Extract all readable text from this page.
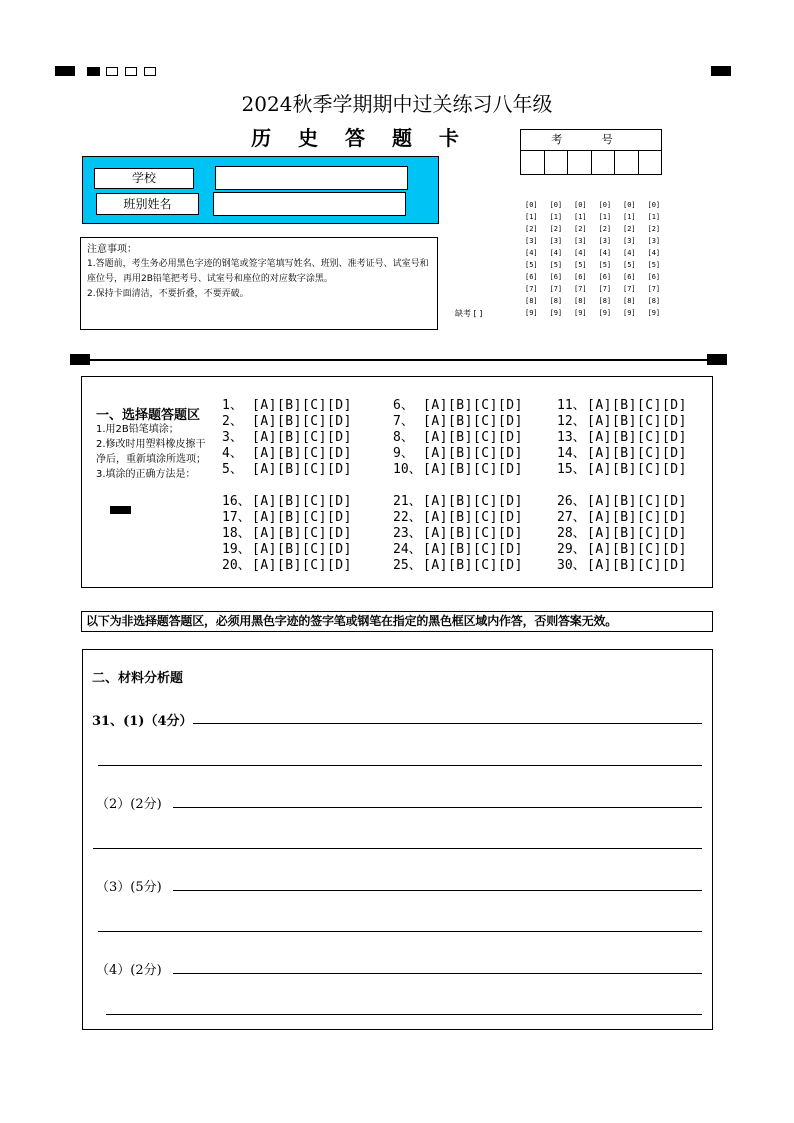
2024秋季学期期中过关练习八年级
历 史 答 题 卡	考 号
[0] [0] [0] [0] [0] [0]
[1] [1] [1] [1] [1] [1]
[2] [2] [2] [2] [2] [2]
[3] [3] [3] [3] [3] [3]
[4] [4] [4] [4] [4] [4]
[5] [5] [5] [5] [5] [5]
[6] [6] [6] [6] [6] [6]
[7] [7] [7] [7] [7] [7]
[8] [8] [8] [8] [8] [8]
[9] [9] [9] [9] [9] [9]
学校
班别姓名
注意事项：
1.答题前，考生务必用黑色字迹的钢笔或签字笔填写姓名、班别、准考证号、试室号和座位号，再用2B铅笔把考号、试室号和座位的对应数字涂黑。
2.保持卡面清洁，不要折叠，不要弄破。
缺考 [ ]
一、选择题答题区
1.用2B铅笔填涂；
2.修改时用塑料橡皮擦干净后，重新填涂所选项；
3.填涂的正确方法是：
1、 [A][B][C][D]
2、 [A][B][C][D]
3、 [A][B][C][D]
4、 [A][B][C][D]
5、 [A][B][C][D]
6、 [A][B][C][D]
7、 [A][B][C][D]
8、 [A][B][C][D]
9、 [A][B][C][D]
10、[A][B][C][D]
11、[A][B][C][D]
12、[A][B][C][D]
13、[A][B][C][D]
14、[A][B][C][D]
15、[A][B][C][D]
16、[A][B][C][D]
17、[A][B][C][D]
18、[A][B][C][D]
19、[A][B][C][D]
20、[A][B][C][D]
21、[A][B][C][D]
22、[A][B][C][D]
23、[A][B][C][D]
24、[A][B][C][D]
25、[A][B][C][D]
26、[A][B][C][D]
27、[A][B][C][D]
28、[A][B][C][D]
29、[A][B][C][D]
30、[A][B][C][D]
以下为非选择题答题区，必须用黑色字迹的签字笔或钢笔在指定的黑色框区域内作答，否则答案无效。
二、材料分析题
31、(1)（4分）
（2）(2分)
（3）(5分)
（4）(2分)
